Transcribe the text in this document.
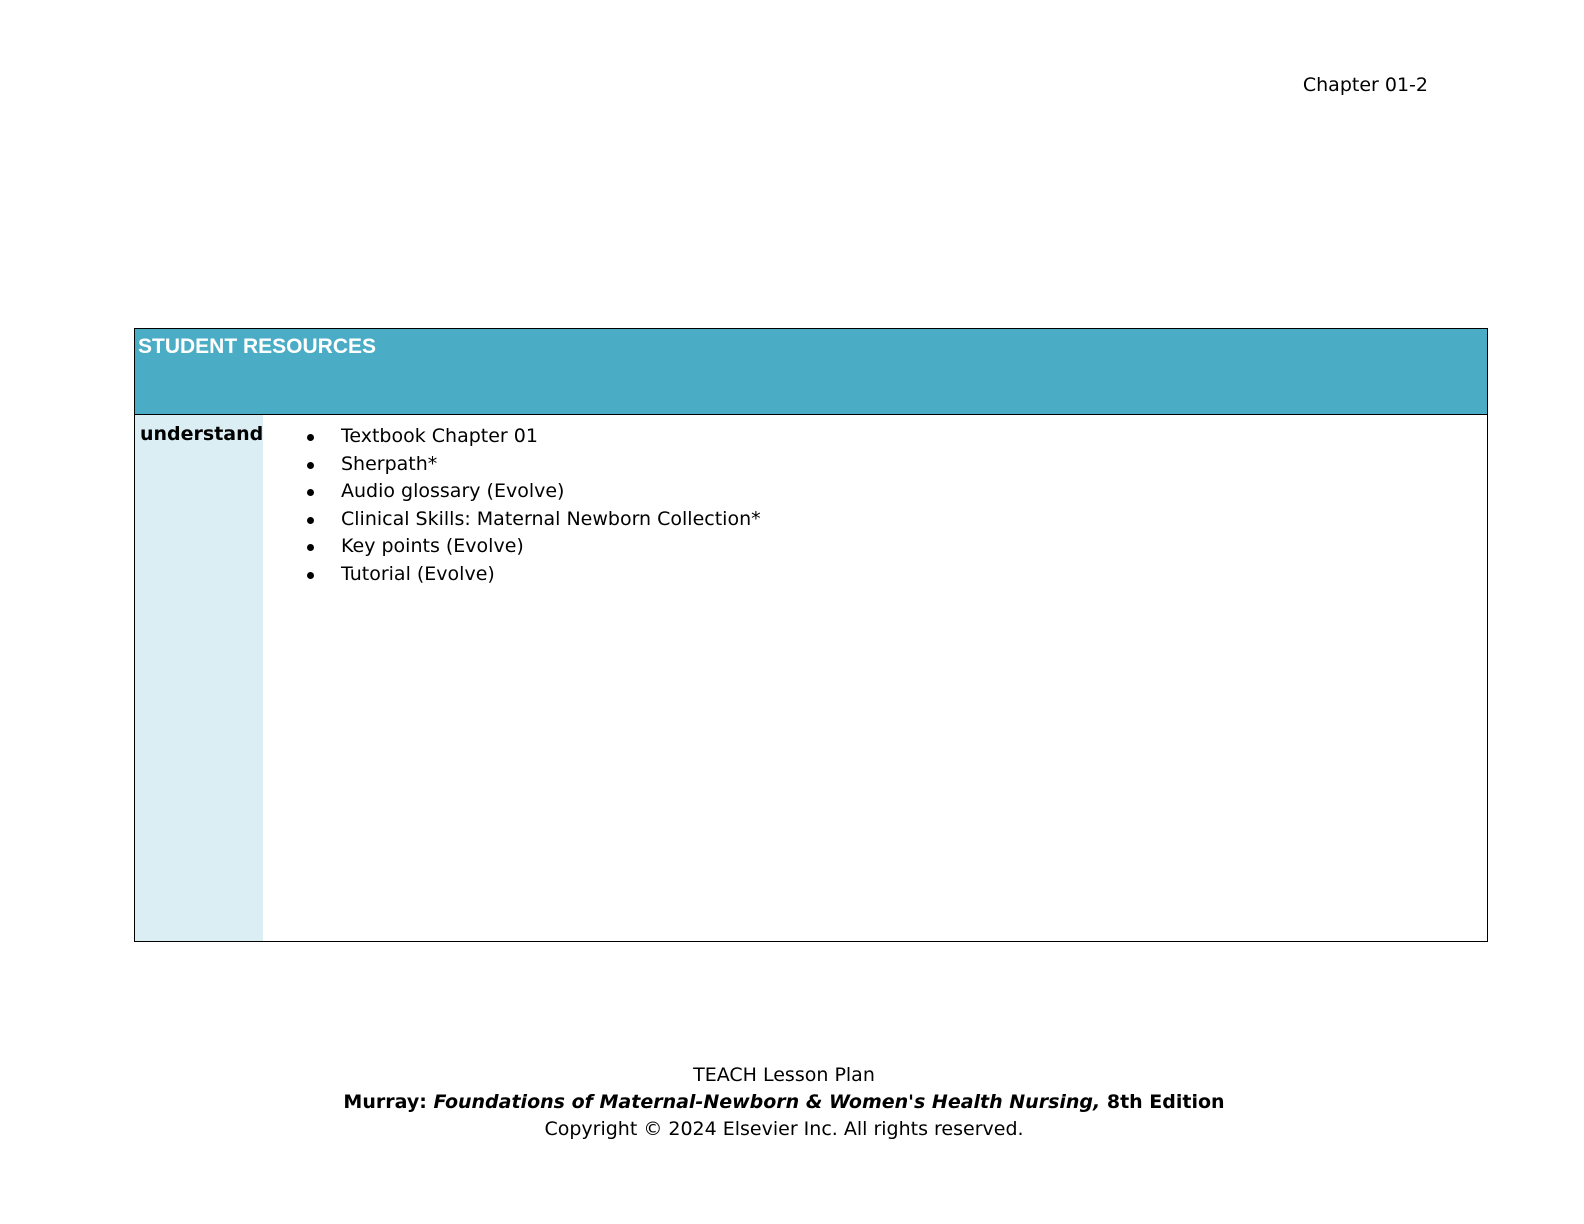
Chapter 01-2
STUDENT RESOURCES
understand	Textbook Chapter 01
Sherpath*
Audio glossary (Evolve)
Clinical Skills: Maternal Newborn Collection*
Key points (Evolve)
Tutorial (Evolve)
TEACH Lesson Plan
Murray: Foundations of Maternal-Newborn & Women's Health Nursing, 8th Edition
Copyright © 2024 Elsevier Inc. All rights reserved.
